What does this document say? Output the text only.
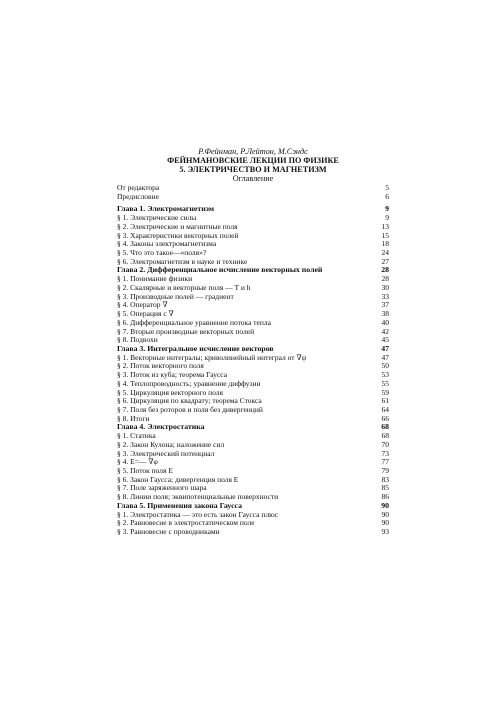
Р.Фейнман, Р.Лейтон, М.Сэндс
ФЕЙНМАНОВСКИЕ ЛЕКЦИИ ПО ФИЗИКЕ
5. ЭЛЕКТРИЧЕСТВО И МАГНЕТИЗМ
Оглавление
От редактора	5
Предисловие	6
Глава 1. Электромагнетизм	9
§ 1. Электрические силы	9
§ 2. Электрические и магнитные поля	13
§ 3. Характеристики векторных полей	15
§ 4. Законы электромагнетизма	18
§ 5. Что это такое—«поля»?	24
§ 6. Электромагнетизм в науке и технике	27
Глава 2. Дифференциальное исчисление векторных полей	28
§ 1. Понимание физики	28
§ 2. Скалярные и векторные поля — T и h	30
§ 3. Производные полей — градиент	33
§ 4. Оператор ∇	37
§ 5. Операция с ∇	38
§ 6. Дифференциальное уравнение потока тепла	40
§ 7. Вторые производные векторных полей	42
§ 8. Подвохи	45
Глава 3. Интегральное исчисление векторов	47
§ 1. Векторные интегралы; криволинейный интеграл от ∇ψ	47
§ 2. Поток векторного поля	50
§ 3. Поток из куба; теорема Гаусса	53
§ 4. Теплопроводность; уравнение диффузии	55
§ 5. Циркуляция векторного поля	59
§ 6. Циркуляция по квадрату; теорема Стокса	61
§ 7. Поля без роторов и поля без дивергенций	64
§ 8. Итоги	66
Глава 4. Электростатика	68
§ 1. Статика	68
§ 2. Закон Кулона; наложение сил	70
§ 3. Электрический потенциал	73
§ 4. E=— ∇φ	77
§ 5. Поток поля E	79
§ 6. Закон Гаусса; дивергенция поля E	83
§ 7. Поле заряженного шара	85
§ 8. Линии поля; эквипотенциальные поверхности	86
Глава 5. Применения закона Гаусса	90
§ 1. Электростатика — это есть закон Гаусса плюс	90
§ 2. Равновесие в электростатическом поле	90
§ 3. Равновесие с проводниками	93
